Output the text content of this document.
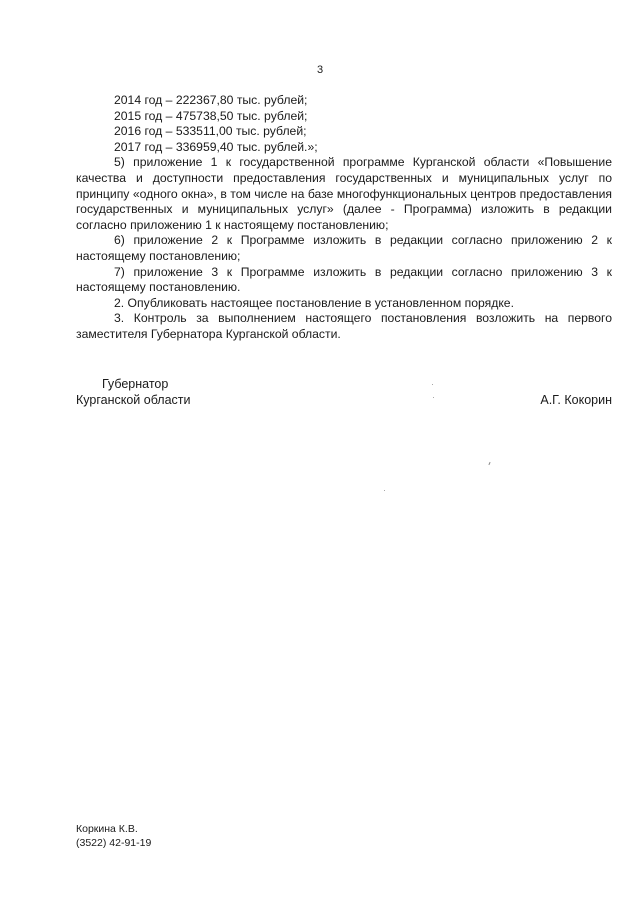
3
2014 год – 222367,80 тыс. рублей;
2015 год – 475738,50 тыс. рублей;
2016 год – 533511,00 тыс. рублей;
2017 год – 336959,40 тыс. рублей.»;

5) приложение 1 к государственной программе Курганской области «Повышение качества и доступности предоставления государственных и муниципальных услуг по принципу «одного окна», в том числе на базе многофункциональных центров предоставления государственных и муниципальных услуг» (далее - Программа) изложить в редакции согласно приложению 1 к настоящему постановлению;

6) приложение 2 к Программе изложить в редакции согласно приложению 2 к настоящему постановлению;

7) приложение 3 к Программе изложить в редакции согласно приложению 3 к настоящему постановлению.

2. Опубликовать настоящее постановление в установленном порядке.

3. Контроль за выполнением настоящего постановления возложить на первого заместителя Губернатора Курганской области.

Губернатор
Курганской области	А.Г. Кокорин
Коркина К.В.
(3522) 42-91-19
